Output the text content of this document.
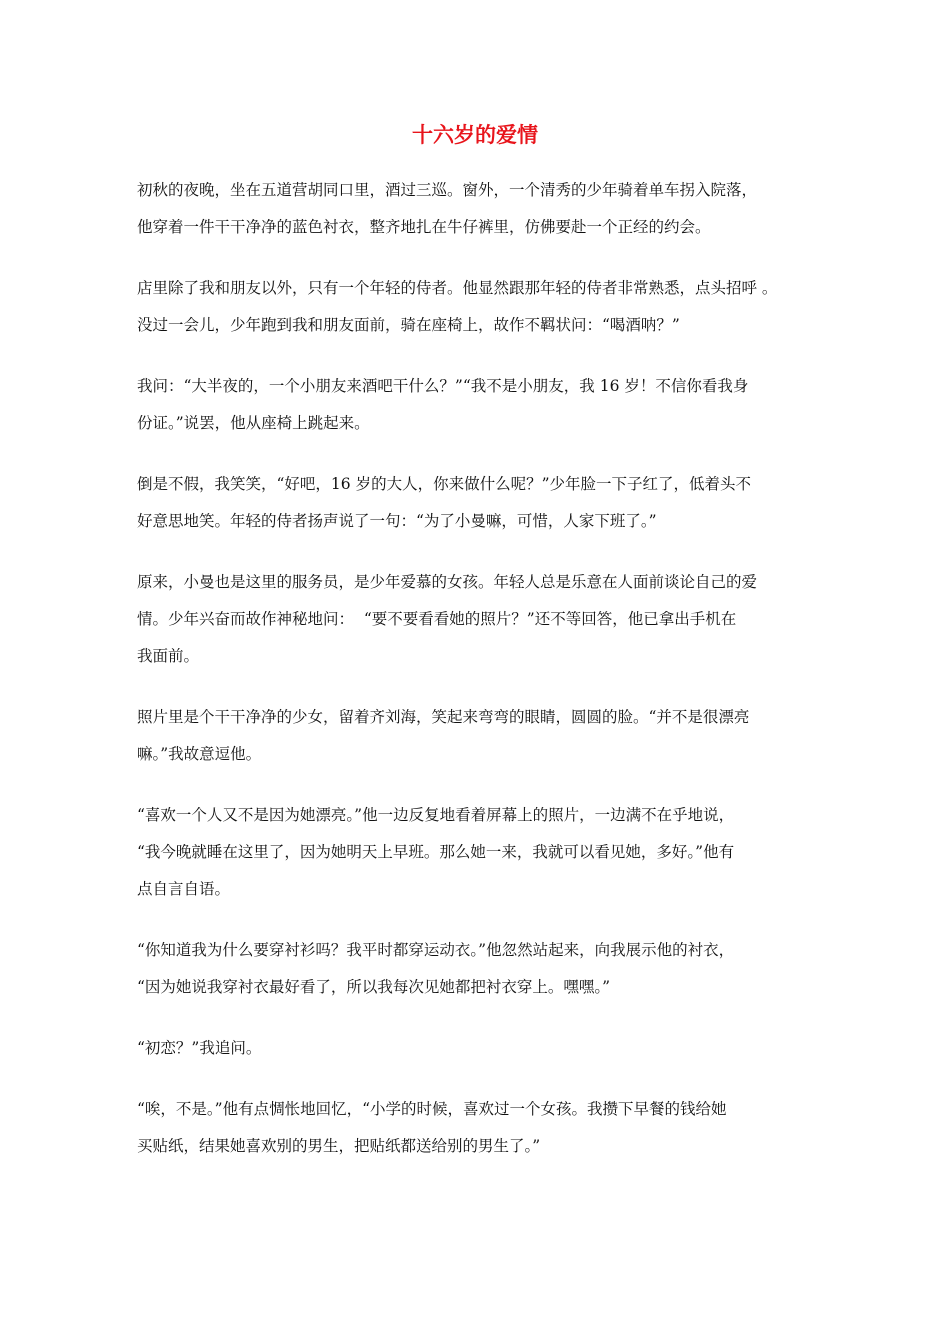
十六岁的爱情

初秋的夜晚，坐在五道营胡同口里，酒过三巡。窗外，一个清秀的少年骑着单车拐入院落，
他穿着一件干干净净的蓝色衬衣，整齐地扎在牛仔裤里，仿佛要赴一个正经的约会。

店里除了我和朋友以外，只有一个年轻的侍者。他显然跟那年轻的侍者非常熟悉，点头招呼 。
没过一会儿，少年跑到我和朋友面前，骑在座椅上，故作不羁状问：“喝酒呐？”

我问：“大半夜的，一个小朋友来酒吧干什么？”“我不是小朋友，我 16 岁！不信你看我身
份证。”说罢，他从座椅上跳起来。

倒是不假，我笑笑，“好吧，16 岁的大人，你来做什么呢？”少年脸一下子红了，低着头不
好意思地笑。年轻的侍者扬声说了一句：“为了小曼嘛，可惜，人家下班了。”

原来，小曼也是这里的服务员，是少年爱慕的女孩。年轻人总是乐意在人面前谈论自己的爱
情。少年兴奋而故作神秘地问：  “要不要看看她的照片？”还不等回答，他已拿出手机在
我面前。

照片里是个干干净净的少女，留着齐刘海，笑起来弯弯的眼睛，圆圆的脸。“并不是很漂亮
嘛。”我故意逗他。

“喜欢一个人又不是因为她漂亮。”他一边反复地看着屏幕上的照片，一边满不在乎地说，
“我今晚就睡在这里了，因为她明天上早班。那么她一来，我就可以看见她，多好。”他有
点自言自语。

“你知道我为什么要穿衬衫吗？我平时都穿运动衣。”他忽然站起来，向我展示他的衬衣，
“因为她说我穿衬衣最好看了，所以我每次见她都把衬衣穿上。嘿嘿。”

“初恋？”我追问。

“唉，不是。”他有点惆怅地回忆，“小学的时候，喜欢过一个女孩。我攒下早餐的钱给她
买贴纸，结果她喜欢别的男生，把贴纸都送给别的男生了。”
